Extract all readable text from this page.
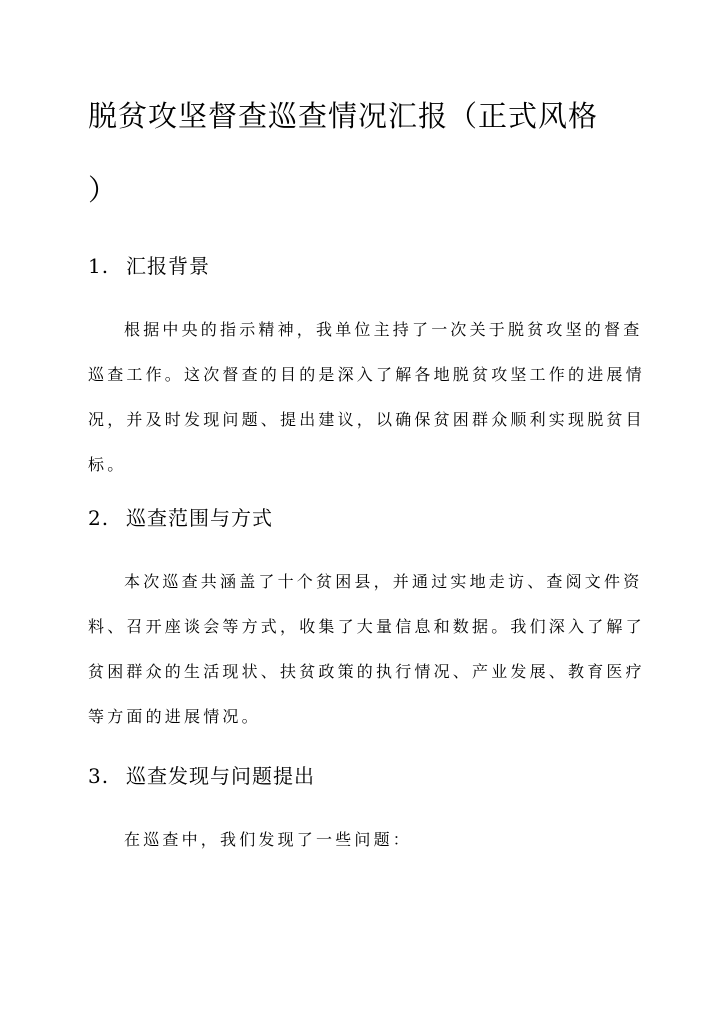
脱贫攻坚督查巡查情况汇报（正式风格
）
1. 汇报背景

根据中央的指示精神，我单位主持了一次关于脱贫攻坚的督查
巡查工作。这次督查的目的是深入了解各地脱贫攻坚工作的进展情
况，并及时发现问题、提出建议，以确保贫困群众顺利实现脱贫目
标。

2. 巡查范围与方式

本次巡查共涵盖了十个贫困县，并通过实地走访、查阅文件资
料、召开座谈会等方式，收集了大量信息和数据。我们深入了解了
贫困群众的生活现状、扶贫政策的执行情况、产业发展、教育医疗
等方面的进展情况。

3. 巡查发现与问题提出

在巡查中，我们发现了一些问题：
